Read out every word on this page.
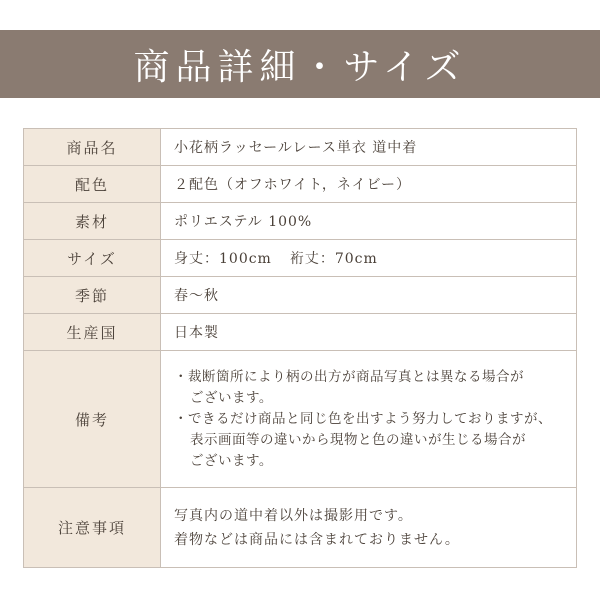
商品詳細・サイズ
商品名	小花柄ラッセールレース単衣 道中着
配色	２配色（オフホワイト，ネイビー）
素材	ポリエステル 100%
サイズ	身丈：100cm 裄丈：70cm
季節	春～秋
生産国	日本製
備考	・裁断箇所により柄の出方が商品写真とは異なる場合が
ございます。
・できるだけ商品と同じ色を出すよう努力しておりますが、
表示画面等の違いから現物と色の違いが生じる場合が
ございます。

注意事項	写真内の道中着以外は撮影用です。
着物などは商品には含まれておりません。
